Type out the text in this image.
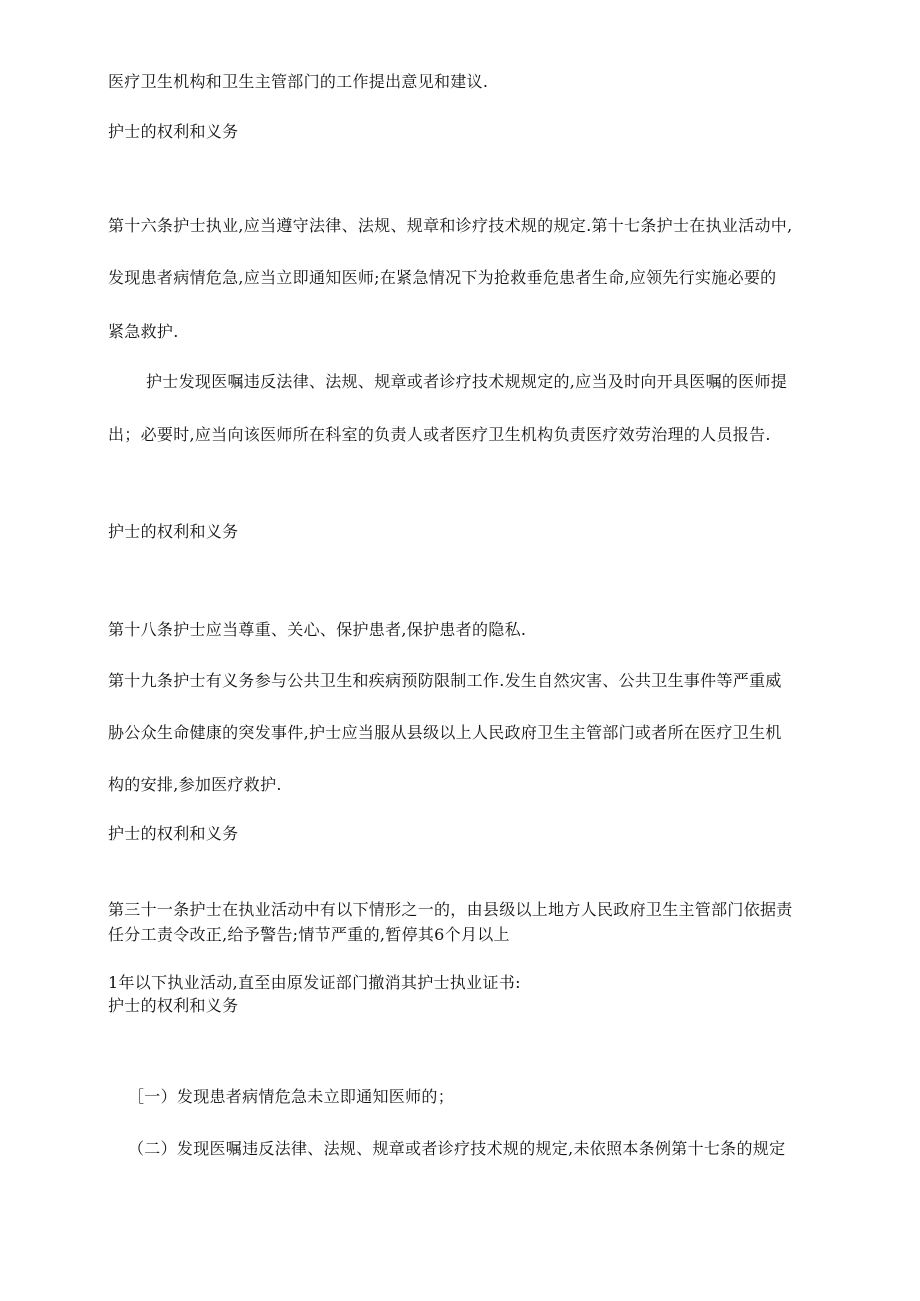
医疗卫生机构和卫生主管部门的工作提出意见和建议.
护士的权利和义务
第十六条护士执业,应当遵守法律、法规、规章和诊疗技术规的规定.第十七条护士在执业活动中,
发现患者病情危急,应当立即通知医师;在紧急情况下为抢救垂危患者生命,应领先行实施必要的
紧急救护.
护士发现医嘱违反法律、法规、规章或者诊疗技术规规定的,应当及时向开具医嘱的医师提
出；必要时,应当向该医师所在科室的负责人或者医疗卫生机构负责医疗效劳治理的人员报告.
护士的权利和义务
第十八条护士应当尊重、关心、保护患者,保护患者的隐私.
第十九条护士有义务参与公共卫生和疾病预防限制工作.发生自然灾害、公共卫生事件等严重威
胁公众生命健康的突发事件,护士应当服从县级以上人民政府卫生主管部门或者所在医疗卫生机
构的安排,参加医疗救护.
护士的权利和义务
第三十一条护士在执业活动中有以下情形之一的，由县级以上地方人民政府卫生主管部门依据责
任分工责令改正,给予警告;情节严重的,暂停其6个月以上
1年以下执业活动,直至由原发证部门撤消其护士执业证书:
护士的权利和义务
［一）发现患者病情危急未立即通知医师的；
（二）发现医嘱违反法律、法规、规章或者诊疗技术规的规定,未依照本条例第十七条的规定
